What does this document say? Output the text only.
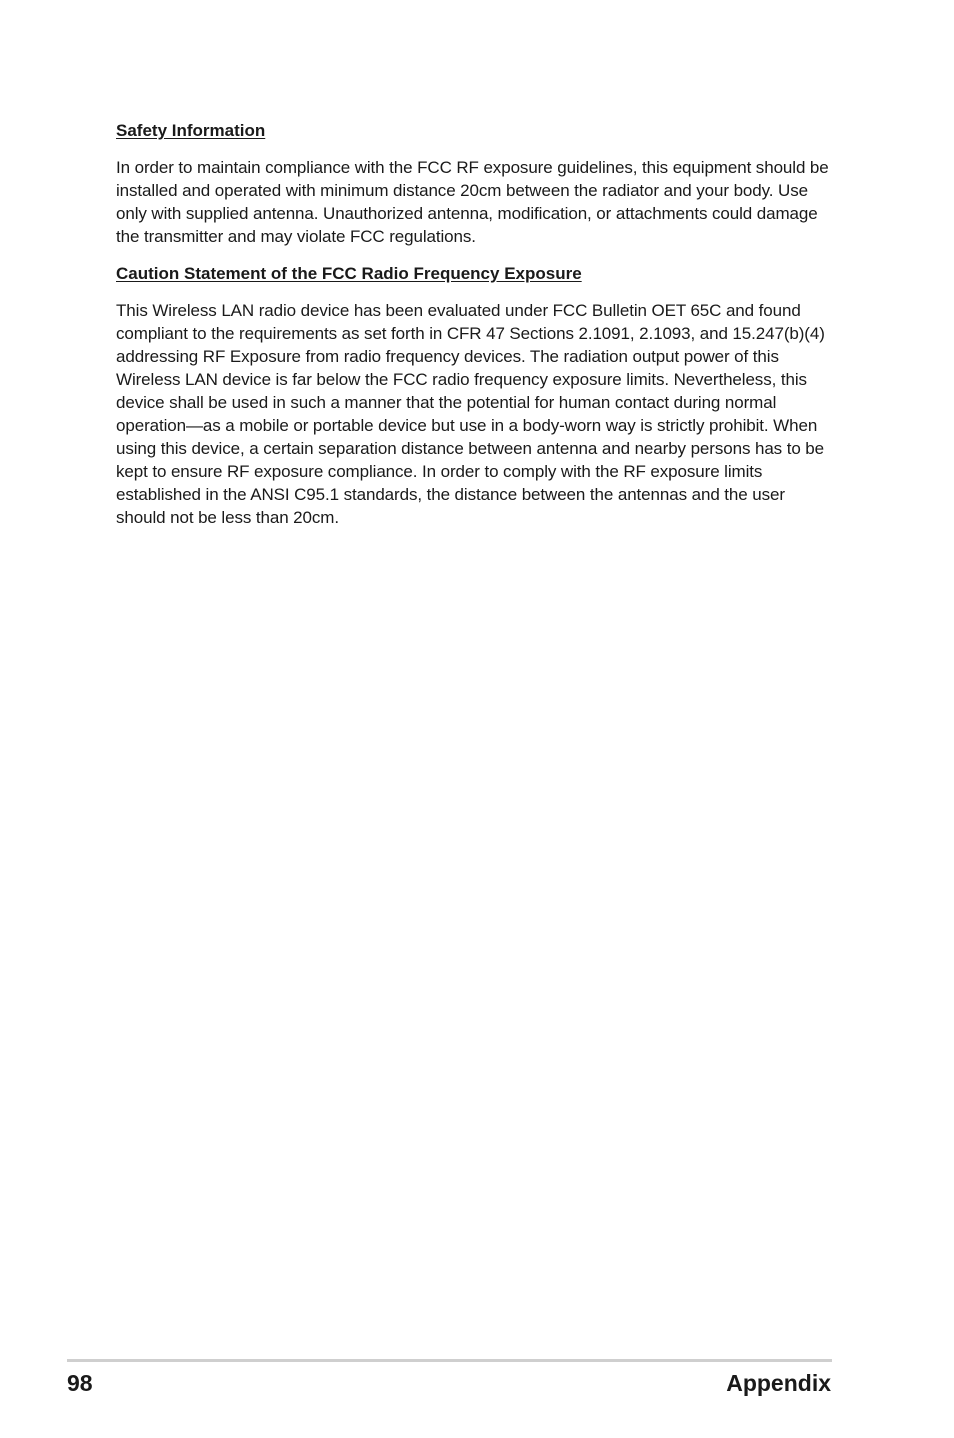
Safety Information

In order to maintain compliance with the FCC RF exposure guidelines, this equipment should be installed and operated with minimum distance 20cm between the radiator and your body. Use only with supplied antenna. Unauthorized antenna, modification, or attachments could damage the transmitter and may violate FCC regulations.

Caution Statement of the FCC Radio Frequency Exposure

This Wireless LAN radio device has been evaluated under FCC Bulletin OET 65C and found compliant to the requirements as set forth in CFR 47 Sections 2.1091, 2.1093, and 15.247(b)(4) addressing RF Exposure from radio frequency devices. The radiation output power of this Wireless LAN device is far below the FCC radio frequency exposure limits. Nevertheless, this device shall be used in such a manner that the potential for human contact during normal operation—as a mobile or portable device but use in a body-worn way is strictly prohibit. When using this device, a certain separation distance between antenna and nearby persons has to be kept to ensure RF exposure compliance. In order to comply with the RF exposure limits established in the ANSI C95.1 standards, the distance between the antennas and the user should not be less than 20cm.

98	Appendix
